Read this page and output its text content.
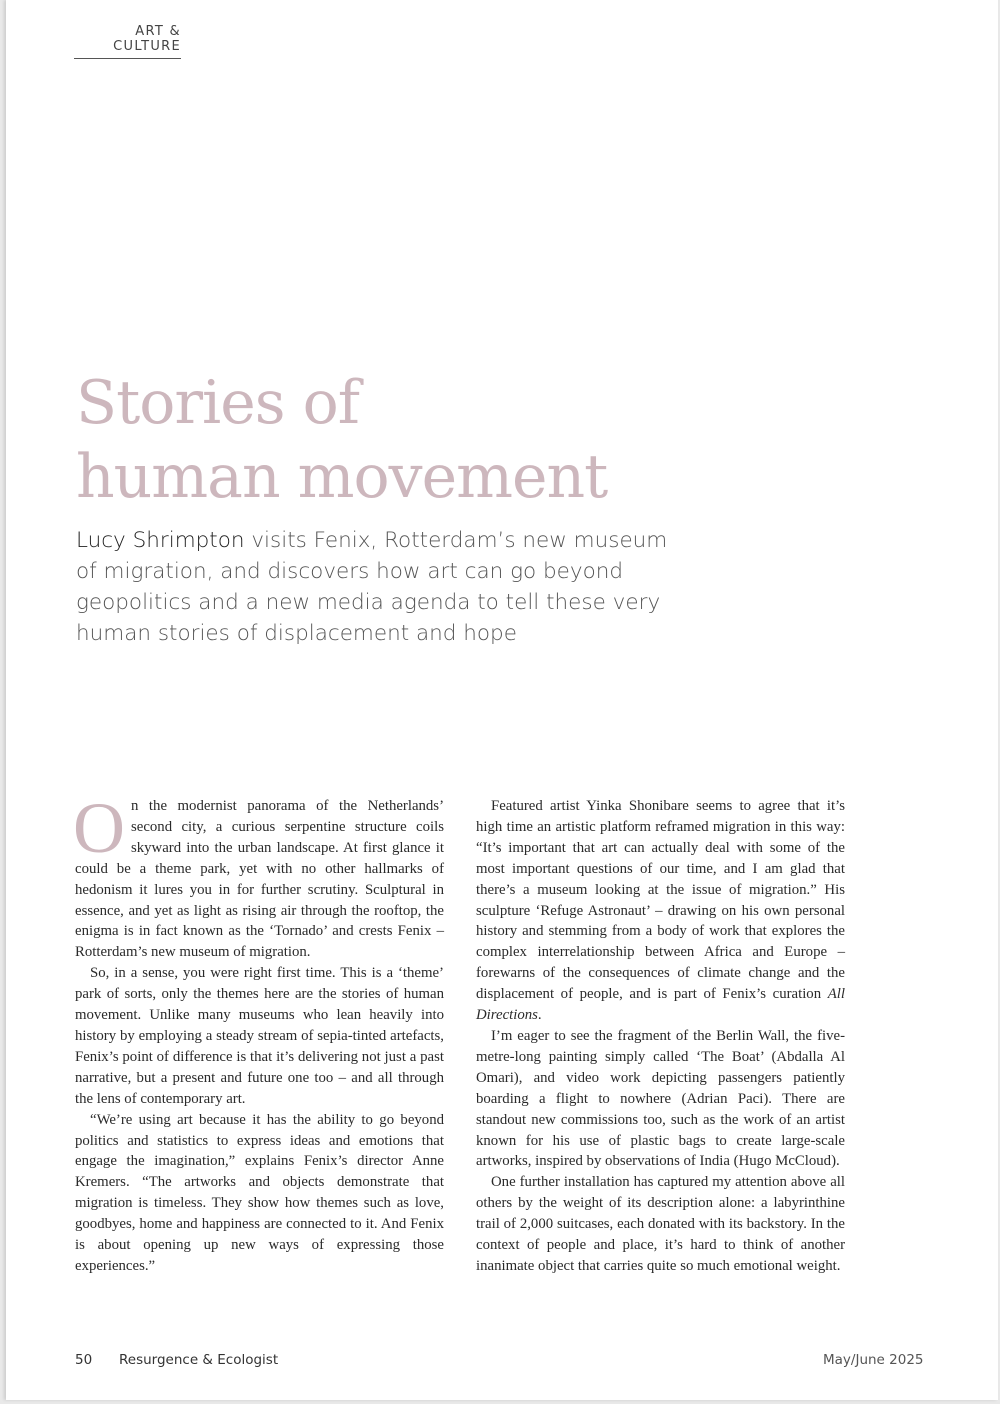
ART & CULTURE
Stories of
human movement
Lucy Shrimpton visits Fenix, Rotterdam’s new museum of migration, and discovers how art can go beyond geopolitics and a new media agenda to tell these very human stories of displacement and hope

On the modernist panorama of the Netherlands’ second city, a curious serpentine structure coils skyward into the urban landscape. At first glance it could be a theme park, yet with no other hallmarks of hedonism it lures you in for further scrutiny. Sculptural in essence, and yet as light as rising air through the rooftop, the enigma is in fact known as the ‘Tornado’ and crests Fenix – Rotterdam’s new museum of migration.

So, in a sense, you were right first time. This is a ‘theme’ park of sorts, only the themes here are the stories of human movement. Unlike many museums who lean heavily into history by employing a steady stream of sepia-tinted artefacts, Fenix’s point of difference is that it’s delivering not just a past narrative, but a present and future one too – and all through the lens of contemporary art.

“We’re using art because it has the ability to go beyond politics and statistics to express ideas and emotions that engage the imagination,” explains Fenix’s director Anne Kremers. “The artworks and objects demonstrate that migration is timeless. They show how themes such as love, goodbyes, home and happiness are connected to it. And Fenix is about opening up new ways of expressing those experiences.”

Featured artist Yinka Shonibare seems to agree that it’s high time an artistic platform reframed migration in this way: “It’s important that art can actually deal with some of the most important questions of our time, and I am glad that there’s a museum looking at the issue of migration.” His sculpture ‘Refuge Astronaut’ – drawing on his own personal history and stemming from a body of work that explores the complex interrelationship between Africa and Europe – forewarns of the consequences of climate change and the displacement of people, and is part of Fenix’s curation All Directions.

I’m eager to see the fragment of the Berlin Wall, the five-metre-long painting simply called ‘The Boat’ (Abdalla Al Omari), and video work depicting passengers patiently boarding a flight to nowhere (Adrian Paci). There are standout new commissions too, such as the work of an artist known for his use of plastic bags to create large-scale artworks, inspired by observations of India (Hugo McCloud).

One further installation has captured my attention above all others by the weight of its description alone: a labyrinthine trail of 2,000 suitcases, each donated with its backstory. In the context of people and place, it’s hard to think of another inanimate object that carries quite so much emotional weight.

50 Resurgence & Ecologist	May/June 2025
